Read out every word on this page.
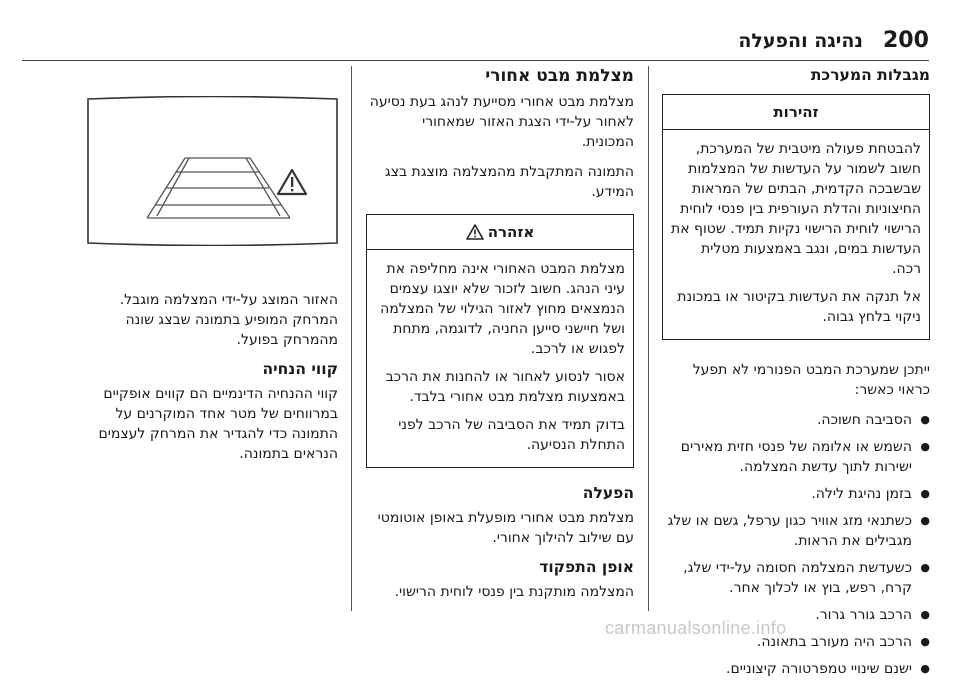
200
נהיגה והפעלה
מגבלות המערכת
זהירות

להבטחת פעולה מיטבית של המערכת, חשוב לשמור על העדשות של המצלמות שבשבכה הקדמית, הבתים של המראות החיצוניות והדלת העורפית בין פנסי לוחית הרישוי לוחית הרישוי נקיות תמיד. שטוף את העדשות במים, ונגב באמצעות מטלית רכה.

אל תנקה את העדשות בקיטור או במכונת ניקוי בלחץ גבוה.

ייתכן שמערכת המבט הפנורמי לא תפעל כראוי כאשר:
● הסביבה חשוכה.
● השמש או אלומה של פנסי חזית מאירים ישירות לתוך עדשת המצלמה.
● בזמן נהיגת לילה.
● כשתנאי מזג אוויר כגון ערפל, גשם או שלג מגבילים את הראות.
● כשעדשת המצלמה חסומה על-ידי שלג, קרח, רפש, בוץ או לכלוך אחר.
● הרכב גורר גרור.
● הרכב היה מעורב בתאונה.
● ישנם שינויי טמפרטורה קיצוניים.
מצלמת מבט אחורי
מצלמת מבט אחורי מסייעת לנהג בעת נסיעה לאחור על-ידי הצגת האזור שמאחורי המכונית.
התמונה המתקבלת מהמצלמה מוצגת בצג המידע.
אזהרה

מצלמת המבט האחורי אינה מחליפה את עיני הנהג. חשוב לזכור שלא יוצגו עצמים הנמצאים מחוץ לאזור הגילוי של המצלמה ושל חיישני סייען החניה, לדוגמה, מתחת לפגוש או לרכב.

אסור לנסוע לאחור או להחנות את הרכב באמצעות מצלמת מבט אחורי בלבד.

בדוק תמיד את הסביבה של הרכב לפני התחלת הנסיעה.

הפעלה
מצלמת מבט אחורי מופעלת באופן אוטומטי עם שילוב להילוך אחורי.
אופן התפקוד
המצלמה מותקנת בין פנסי לוחית הרישוי.
האזור המוצג על-ידי המצלמה מוגבל. המרחק המופיע בתמונה שבצג שונה מהמרחק בפועל.
קווי הנחיה
קווי ההנחיה הדינמיים הם קווים אופקיים במרווחים של מטר אחד המוקרנים על התמונה כדי להגדיר את המרחק לעצמים הנראים בתמונה.
carmanualsonline.info
